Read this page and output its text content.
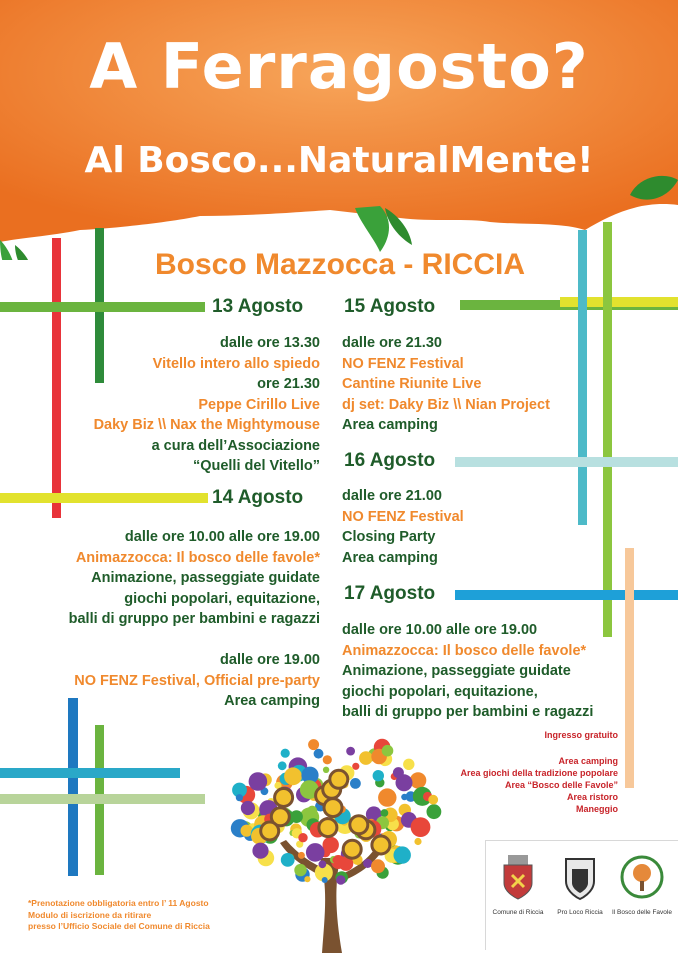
A Ferragosto?
Al Bosco...NaturalMente!
Bosco Mazzocca - RICCIA
13 Agosto
14 Agosto
15 Agosto
16 Agosto
17 Agosto
dalle ore 13.30
Vitello intero allo spiedo
ore 21.30
Peppe Cirillo Live
Daky Biz \\ Nax the Mightymouse
a cura dell’Associazione
“Quelli del Vitello”
dalle ore 10.00 alle ore 19.00
Animazzocca: Il bosco delle favole*
Animazione, passeggiate guidate
giochi popolari, equitazione,
balli di gruppo per bambini e ragazzi
dalle ore 19.00
NO FENZ Festival, Official pre-party
Area camping
dalle ore 21.30
NO FENZ Festival
Cantine Riunite Live
dj set: Daky Biz \\ Nian Project
Area camping
dalle ore 21.00
NO FENZ Festival
Closing Party
Area camping
dalle ore 10.00 alle ore 19.00
Animazzocca: Il bosco delle favole*
Animazione, passeggiate guidate
giochi popolari, equitazione,
balli di gruppo per bambini e ragazzi
Ingresso gratuito
Area camping
Area giochi della tradizione popolare
Area “Bosco delle Favole”
Area ristoro
Maneggio
*Prenotazione obbligatoria entro l’ 11 Agosto
Modulo di iscrizione da ritirare
presso l’Ufficio Sociale del Comune di Riccia
Comune di Riccia	Pro Loco Riccia	Il Bosco delle Favole
